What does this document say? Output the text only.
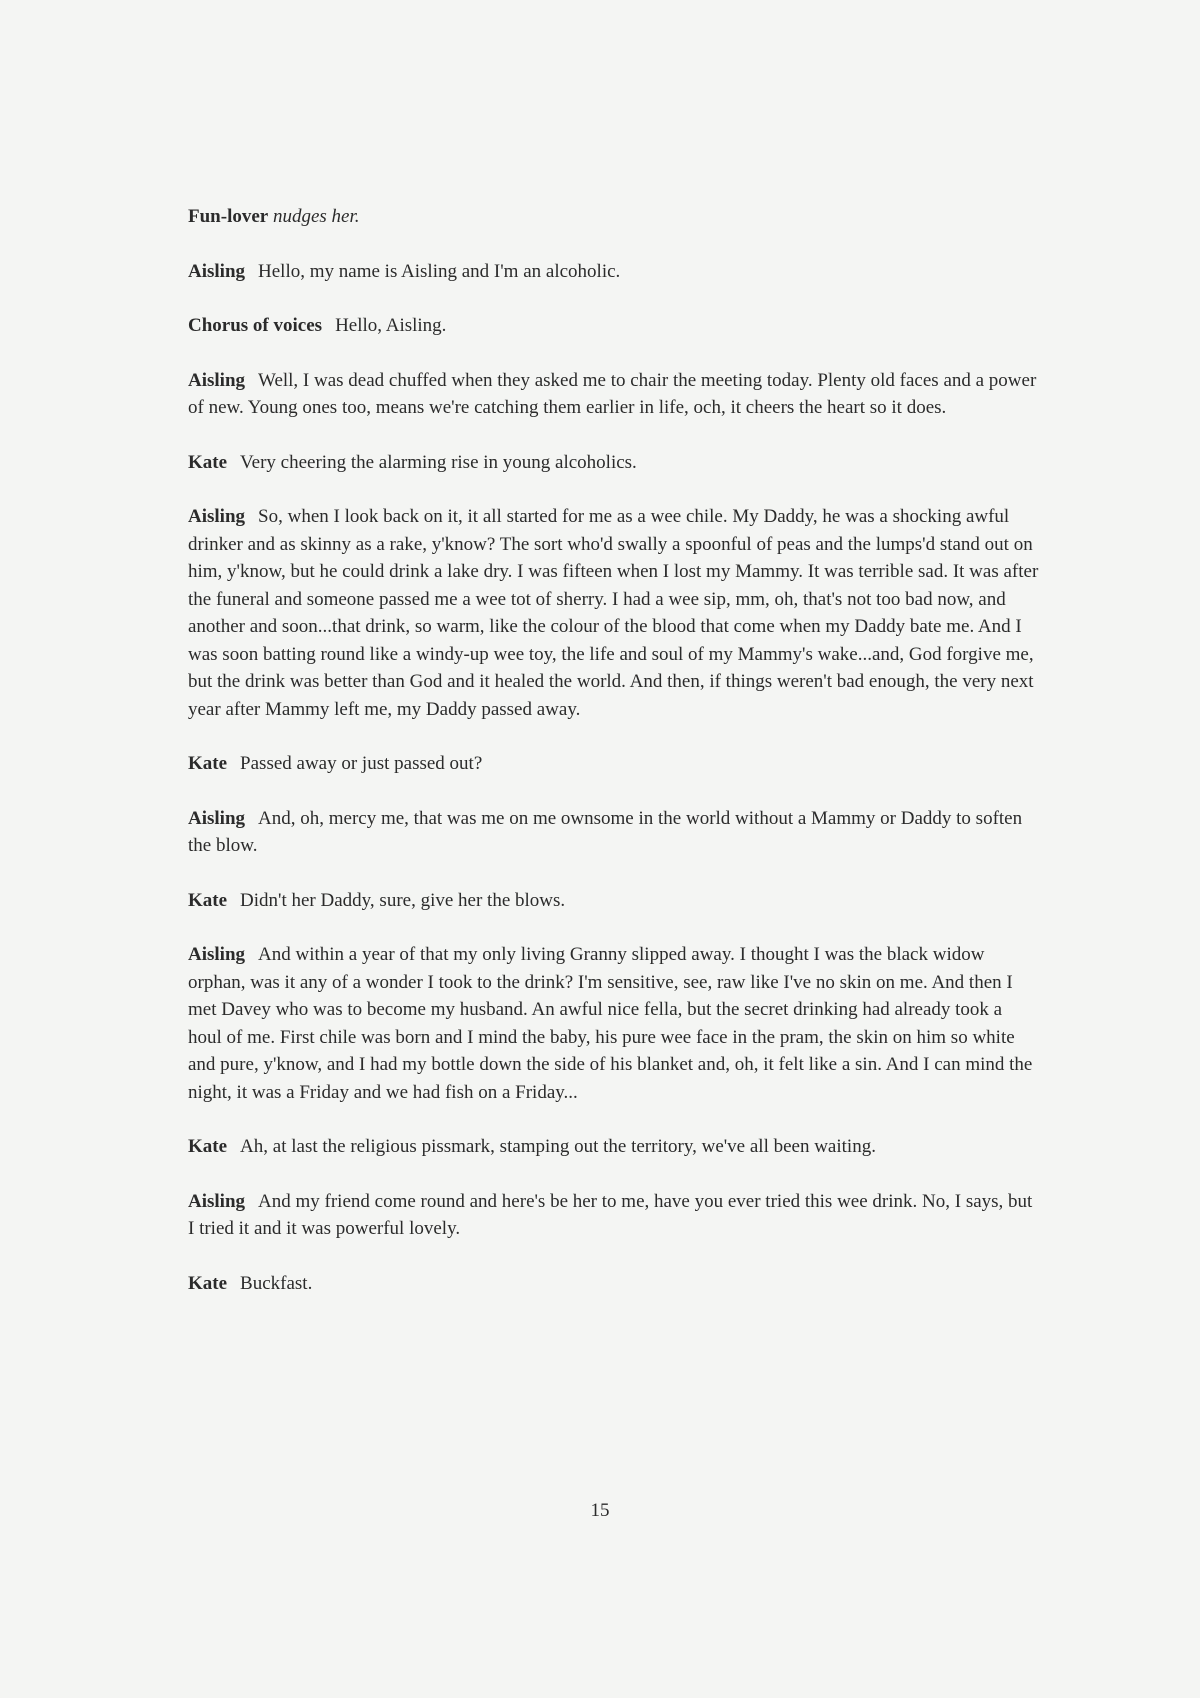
Fun-lover nudges her.

Aisling Hello, my name is Aisling and I'm an alcoholic.

Chorus of voices Hello, Aisling.

Aisling Well, I was dead chuffed when they asked me to chair the meeting today. Plenty old faces and a power of new. Young ones too, means we're catching them earlier in life, och, it cheers the heart so it does.

Kate Very cheering the alarming rise in young alcoholics.

Aisling So, when I look back on it, it all started for me as a wee chile. My Daddy, he was a shocking awful drinker and as skinny as a rake, y'know? The sort who'd swally a spoonful of peas and the lumps'd stand out on him, y'know, but he could drink a lake dry. I was fifteen when I lost my Mammy. It was terrible sad. It was after the funeral and someone passed me a wee tot of sherry. I had a wee sip, mm, oh, that's not too bad now, and another and soon...that drink, so warm, like the colour of the blood that come when my Daddy bate me. And I was soon batting round like a windy-up wee toy, the life and soul of my Mammy's wake...and, God forgive me, but the drink was better than God and it healed the world. And then, if things weren't bad enough, the very next year after Mammy left me, my Daddy passed away.

Kate Passed away or just passed out?

Aisling And, oh, mercy me, that was me on me ownsome in the world without a Mammy or Daddy to soften the blow.

Kate Didn't her Daddy, sure, give her the blows.

Aisling And within a year of that my only living Granny slipped away. I thought I was the black widow orphan, was it any of a wonder I took to the drink? I'm sensitive, see, raw like I've no skin on me. And then I met Davey who was to become my husband. An awful nice fella, but the secret drinking had already took a houl of me. First chile was born and I mind the baby, his pure wee face in the pram, the skin on him so white and pure, y'know, and I had my bottle down the side of his blanket and, oh, it felt like a sin. And I can mind the night, it was a Friday and we had fish on a Friday...

Kate Ah, at last the religious pissmark, stamping out the territory, we've all been waiting.

Aisling And my friend come round and here's be her to me, have you ever tried this wee drink. No, I says, but I tried it and it was powerful lovely.

Kate Buckfast.

15
